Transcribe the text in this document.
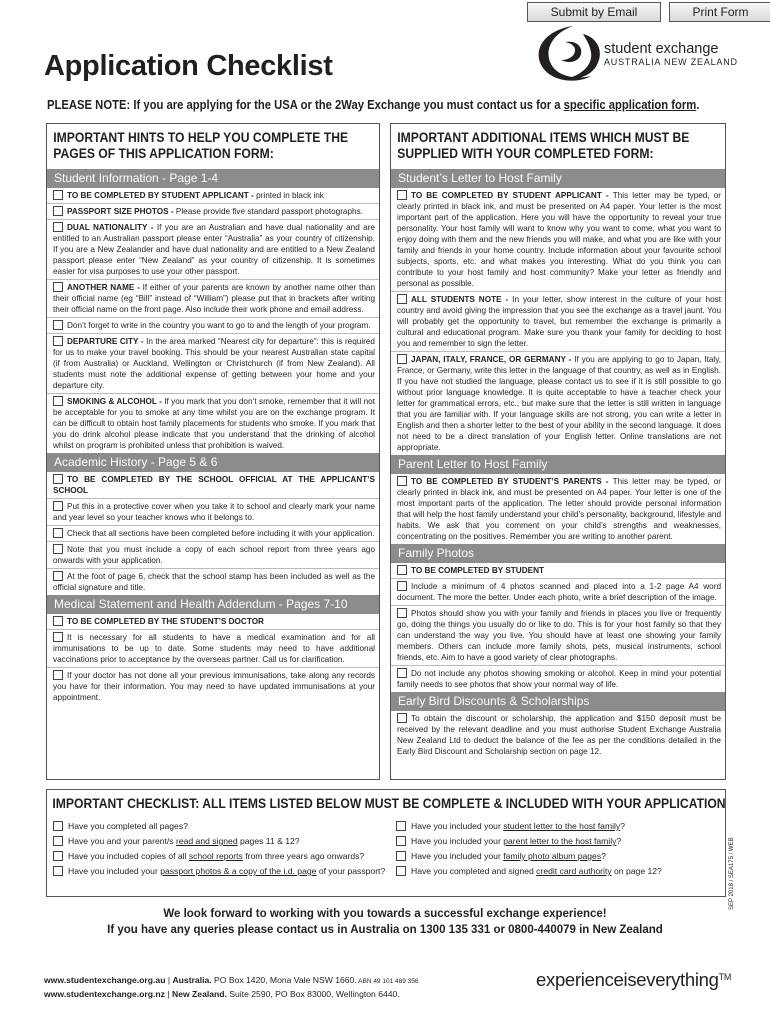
Submit by Email	Print Form
Application Checklist
student exchange
AUSTRALIA NEW ZEALAND
PLEASE NOTE: If you are applying for the USA or the 2Way Exchange you must contact us for a specific application form.
IMPORTANT HINTS TO HELP YOU COMPLETE THE PAGES OF THIS APPLICATION FORM:
Student Information - Page 1-4
TO BE COMPLETED BY STUDENT APPLICANT - printed in black ink
PASSPORT SIZE PHOTOS - Please provide five standard passport photographs.
DUAL NATIONALITY - If you are an Australian and have dual nationality and are entitled to an Australian passport please enter “Australia” as your country of citizenship. If you are a New Zealander and have dual nationality and are entitled to a New Zealand passport please enter “New Zealand” as your country of citizenship. It is sometimes easier for visa purposes to use your other passport.
ANOTHER NAME - If either of your parents are known by another name other than their official name (eg “Bill” instead of “William”) please put that in brackets after writing their official name on the front page. Also include their work phone and email address.
Don’t forget to write in the country you want to go to and the length of your program.
DEPARTURE CITY - In the area marked “Nearest city for departure”: this is required for us to make your travel booking. This should be your nearest Australian state capital (if from Australia) or Auckland, Wellington or Christchurch (if from New Zealand). All students must note the additional expense of getting between your home and your departure city.
SMOKING & ALCOHOL - If you mark that you don’t smoke, remember that it will not be acceptable for you to smoke at any time whilst you are on the exchange program. It can be difficult to obtain host family placements for students who smoke. If you mark that you do drink alcohol please indicate that you understand that the drinking of alcohol whilst on program is prohibited unless that prohibition is waived.
Academic History - Page 5 & 6
TO BE COMPLETED BY THE SCHOOL OFFICIAL AT THE APPLICANT’S SCHOOL
Put this in a protective cover when you take it to school and clearly mark your name and year level so your teacher knows who it belongs to.
Check that all sections have been completed before including it with your application.
Note that you must include a copy of each school report from three years ago onwards with your application.
At the foot of page 6, check that the school stamp has been included as well as the official signature and title.
Medical Statement and Health Addendum - Pages 7-10
TO BE COMPLETED BY THE STUDENT’S DOCTOR
It is necessary for all students to have a medical examination and for all immunisations to be up to date. Some students may need to have additional vaccinations prior to acceptance by the overseas partner. Call us for clarification.
If your doctor has not done all your previous immunisations, take along any records you have for their information. You may need to have updated immunisations at your appointment.
IMPORTANT ADDITIONAL ITEMS WHICH MUST BE SUPPLIED WITH YOUR COMPLETED FORM:
Student’s Letter to Host Family
TO BE COMPLETED BY STUDENT APPLICANT - This letter may be typed, or clearly printed in black ink, and must be presented on A4 paper. Your letter is the most important part of the application. Here you will have the opportunity to reveal your true personality. Your host family will want to know why you want to come, what you want to enjoy doing with them and the new friends you will make, and what you are like with your family and friends in your home country. Include information about your favourite school subjects, sports, etc. and what makes you interesting. What do you think you can contribute to your host family and host community? Make your letter as friendly and personal as possible.
ALL STUDENTS NOTE - In your letter, show interest in the culture of your host country and avoid giving the impression that you see the exchange as a travel jaunt. You will probably get the opportunity to travel, but remember the exchange is primarily a cultural and educational program. Make sure you thank your family for deciding to host you and remember to sign the letter.
JAPAN, ITALY, FRANCE, OR GERMANY - If you are applying to go to Japan, Italy, France, or Germany, write this letter in the language of that country, as well as in English. If you have not studied the language, please contact us to see if it is still possible to go without prior language knowledge. It is quite acceptable to have a teacher check your letter for grammatical errors, etc., but make sure that the letter is still written in language that you are familiar with. If your language skills are not strong, you can write a letter in English and then a shorter letter to the best of your ability in the second language. It does not need to be a direct translation of your English letter. Online translations are not appropriate.
Parent Letter to Host Family
TO BE COMPLETED BY STUDENT’S PARENTS - This letter may be typed, or clearly printed in black ink, and must be presented on A4 paper. Your letter is one of the most important parts of the application. The letter should provide personal information that will help the host family understand your child’s personality, background, lifestyle and habits. We ask that you comment on your child’s strengths and weaknesses, concentrating on the positives. Remember you are writing to another parent.
Family Photos
TO BE COMPLETED BY STUDENT
Include a minimum of 4 photos scanned and placed into a 1-2 page A4 word document. The more the better. Under each photo, write a brief description of the image.
Photos should show you with your family and friends in places you live or frequently go, doing the things you usually do or like to do. This is for your host family so that they can understand the way you live. You should have at least one showing your family members. Others can include more family shots, pets, musical instruments, school friends, etc. Aim to have a good variety of clear photographs.
Do not include any photos showing smoking or alcohol. Keep in mind your potential family needs to see photos that show your normal way of life.
Early Bird Discounts & Scholarships
To obtain the discount or scholarship, the application and $150 deposit must be received by the relevant deadline and you must authorise Student Exchange Australia New Zealand Ltd to deduct the balance of the fee as per the conditions detailed in the Early Bird Discount and Scholarship section on page 12.
IMPORTANT CHECKLIST: ALL ITEMS LISTED BELOW MUST BE COMPLETE & INCLUDED WITH YOUR APPLICATION
Have you completed all pages?	Have you included your student letter to the host family?
Have you and your parent/s read and signed pages 11 & 12?	Have you included your parent letter to the host family?
Have you included copies of all school reports from three years ago onwards?	Have you included your family photo album pages?
Have you included your passport photos & a copy of the i.d. page of your passport?	Have you completed and signed credit card authority on page 12?	SEP 2018 / SEA175 / WEB
We look forward to working with you towards a successful exchange experience!
If you have any queries please contact us in Australia on 1300 135 331 or 0800-440079 in New Zealand
www.studentexchange.org.au | Australia. PO Box 1420, Mona Vale NSW 1660. ABN 49 101 489 356
www.studentexchange.org.nz | New Zealand. Suite 2590, PO Box 83000, Wellington 6440.
experienceiseverything™
